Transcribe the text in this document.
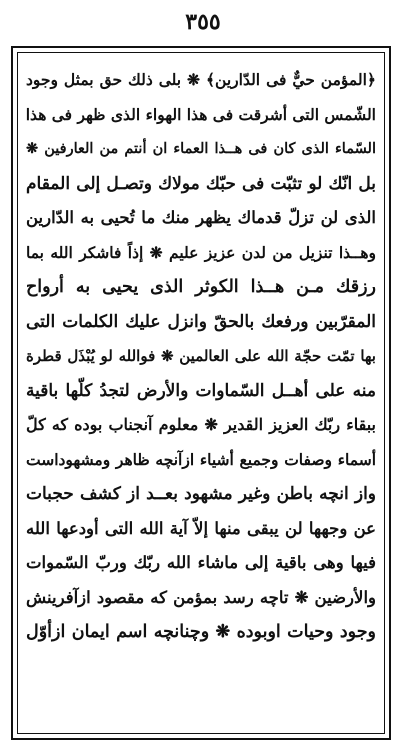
٣٥٥
﴿المؤمن حيٌّ فى الدّارين﴾ ❋ بلى ذلك حق بمثل وجود
الشّمس التى أشرقت فى هذا الهواء الذى ظهر فى هذا
السّماء الذى كان فى هــذا العماء ان أنتم من العارفين ❋
بل انّك لو تثبّت فى حبّك مولاك وتصـل إلى المقام
الذى لن تزلّ قدماك يظهر منك ما تُحيى به الدّارين
وهــذا تنزيل من لدن عزيز عليم ❋ إذاً فاشكر الله بما
رزقك مـن هــذا الكوثر الذى يحيى به أرواح
المقرّبين ورفعك بالحقّ وانزل عليك الكلمات التى
بها تمّت حجّة الله على العالمين ❋ فوالله لو يُبْذَل قطرة
منه على أهــل السّماوات والأرض لتجدُ كلّها باقية
ببقاء ربّك العزيز القدير ❋ معلوم آنجناب بوده كه كلّ
أسماء وصفات وجميع أشياء ازآنچه ظاهر ومشهوداست
واز انچه باطن وغير مشهود بعــد از كشف حجبات
عن وجهها لن يبقى منها إلاّ آية الله التى أودعها الله
فيها وهى باقية إلى ماشاء الله ربّك وربّ السّموات
والأرضين ❋ تاچه رسد بمؤمن كه مقصود ازآفرينش
وجود وحيات اوبوده ❋ وچنانچه اسم ايمان ازأوّل
